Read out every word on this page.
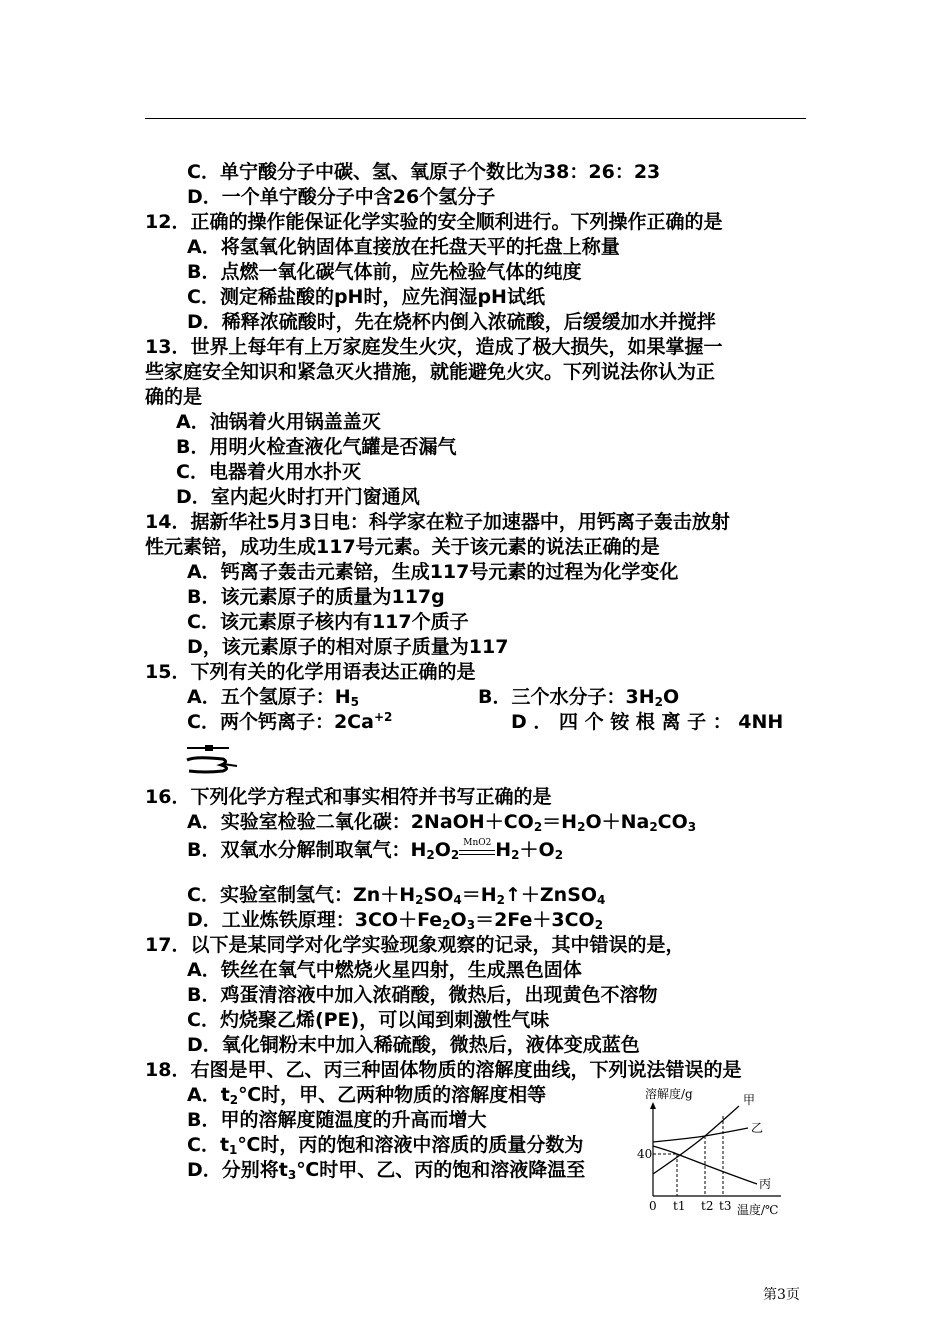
C．单宁酸分子中碳、氢、氧原子个数比为38：26：23
D．一个单宁酸分子中含26个氢分子
12．正确的操作能保证化学实验的安全顺利进行。下列操作正确的是
A．将氢氧化钠固体直接放在托盘天平的托盘上称量
B．点燃一氧化碳气体前，应先检验气体的纯度
C．测定稀盐酸的pH时，应先润湿pH试纸
D．稀释浓硫酸时，先在烧杯内倒入浓硫酸，后缓缓加水并搅拌
13．世界上每年有上万家庭发生火灾，造成了极大损失，如果掌握一
些家庭安全知识和紧急灭火措施，就能避免火灾。下列说法你认为正
确的是
A．油锅着火用锅盖盖灭
B．用明火检查液化气罐是否漏气
C．电器着火用水扑灭
D．室内起火时打开门窗通风
14．据新华社5月3日电：科学家在粒子加速器中，用钙离子轰击放射
性元素锫，成功生成117号元素。关于该元素的说法正确的是
A．钙离子轰击元素锫，生成117号元素的过程为化学变化
B．该元素原子的质量为117g
C．该元素原子核内有117个质子
D，该元素原子的相对原子质量为117
15．下列有关的化学用语表达正确的是
A．五个氢原子：$H_5$	B．三个水分子：$3H_2O$
C．两个钙离子：$2Ca^{+2}$	D ． 四 个 铵 根 离 子 ： 4NH
16．下列化学方程式和事实相符并书写正确的是
A．实验室检验二氧化碳：$2NaOH+CO_2=H_2O+Na_2CO_3$
B．双氧水分解制取氧气：$H_2O_2$
MnO2 $H_2+O_2$
C．实验室制氢气：$Zn+H_2SO_4=H_2↑+ZnSO_4$
D．工业炼铁原理：$3CO+Fe_2O_3=2Fe+3CO_2$
17．以下是某同学对化学实验现象观察的记录，其中错误的是，
A．铁丝在氧气中燃烧火星四射，生成黑色固体
B．鸡蛋清溶液中加入浓硝酸，微热后，出现黄色不溶物
C．灼烧聚乙烯(PE)，可以闻到刺激性气味
D．氧化铜粉末中加入稀硫酸，微热后，液体变成蓝色
18．右图是甲、乙、丙三种固体物质的溶解度曲线，下列说法错误的是
A．$t_2℃$时，甲、乙两种物质的溶解度相等
B．甲的溶解度随温度的升高而增大
C．$t_1℃$时，丙的饱和溶液中溶质的质量分数为
D．分别将$t_3℃$时甲、乙、丙的饱和溶液降温至
溶解度/g
40
0 t1 t2 t3 温度/℃
甲
乙
丙
第3页
